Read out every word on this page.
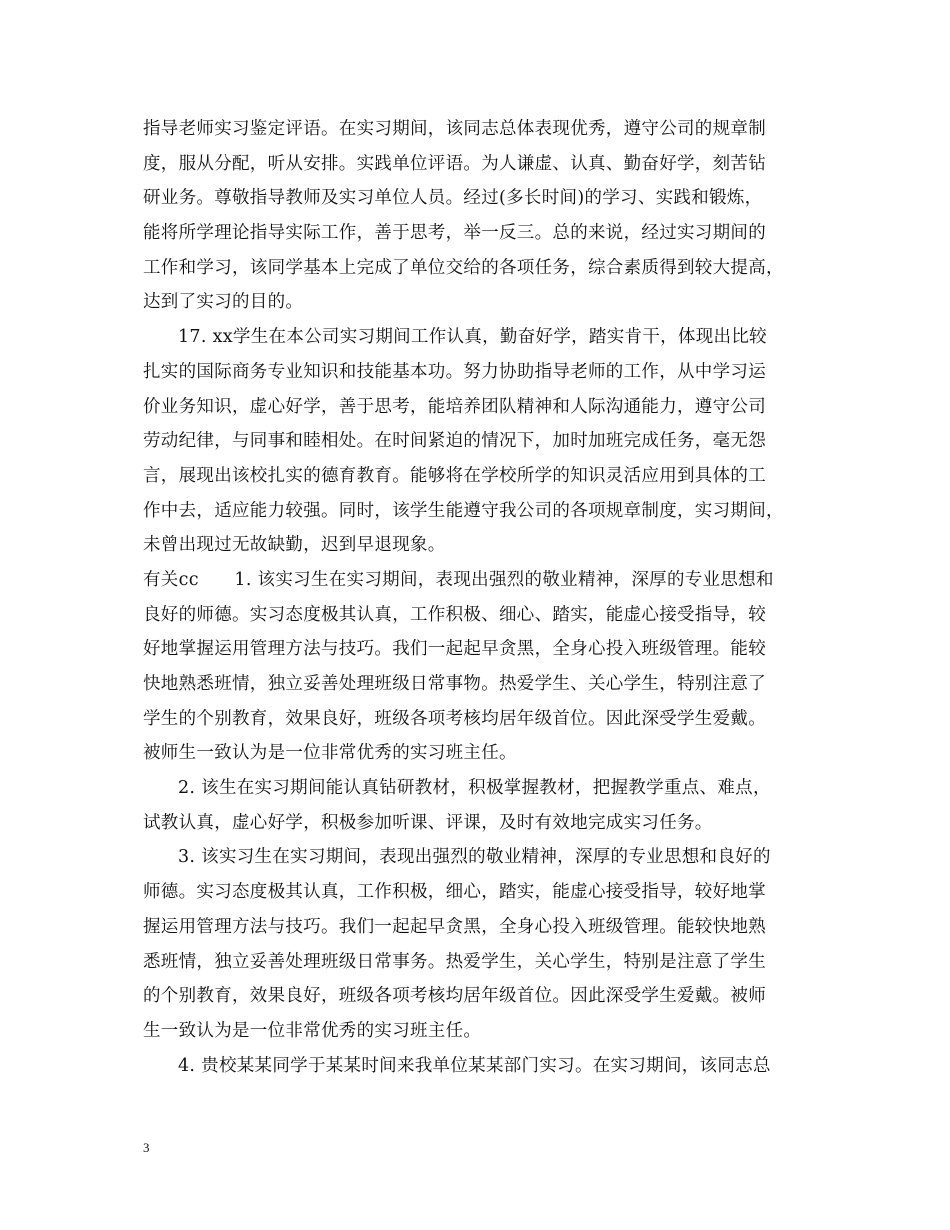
指导老师实习鉴定评语。在实习期间，该同志总体表现优秀，遵守公司的规章制
度，服从分配，听从安排。实践单位评语。为人谦虚、认真、勤奋好学，刻苦钻
研业务。尊敬指导教师及实习单位人员。经过(多长时间)的学习、实践和锻炼，
能将所学理论指导实际工作，善于思考，举一反三。总的来说，经过实习期间的
工作和学习，该同学基本上完成了单位交给的各项任务，综合素质得到较大提高，
达到了实习的目的。
17. xx学生在本公司实习期间工作认真，勤奋好学，踏实肯干，体现出比较
扎实的国际商务专业知识和技能基本功。努力协助指导老师的工作，从中学习运
价业务知识，虚心好学，善于思考，能培养团队精神和人际沟通能力，遵守公司
劳动纪律，与同事和睦相处。在时间紧迫的情况下，加时加班完成任务，毫无怨
言，展现出该校扎实的德育教育。能够将在学校所学的知识灵活应用到具体的工
作中去，适应能力较强。同时，该学生能遵守我公司的各项规章制度，实习期间，
未曾出现过无故缺勤，迟到早退现象。
有关cc　　1. 该实习生在实习期间，表现出强烈的敬业精神，深厚的专业思想和
良好的师德。实习态度极其认真，工作积极、细心、踏实，能虚心接受指导，较
好地掌握运用管理方法与技巧。我们一起起早贪黑，全身心投入班级管理。能较
快地熟悉班情，独立妥善处理班级日常事物。热爱学生、关心学生，特别注意了
学生的个别教育，效果良好，班级各项考核均居年级首位。因此深受学生爱戴。
被师生一致认为是一位非常优秀的实习班主任。
2. 该生在实习期间能认真钻研教材，积极掌握教材，把握教学重点、难点，
试教认真，虚心好学，积极参加听课、评课，及时有效地完成实习任务。
3. 该实习生在实习期间，表现出强烈的敬业精神，深厚的专业思想和良好的
师德。实习态度极其认真，工作积极，细心，踏实，能虚心接受指导，较好地掌
握运用管理方法与技巧。我们一起起早贪黑，全身心投入班级管理。能较快地熟
悉班情，独立妥善处理班级日常事务。热爱学生，关心学生，特别是注意了学生
的个别教育，效果良好，班级各项考核均居年级首位。因此深受学生爱戴。被师
生一致认为是一位非常优秀的实习班主任。
4. 贵校某某同学于某某时间来我单位某某部门实习。在实习期间，该同志总
3
